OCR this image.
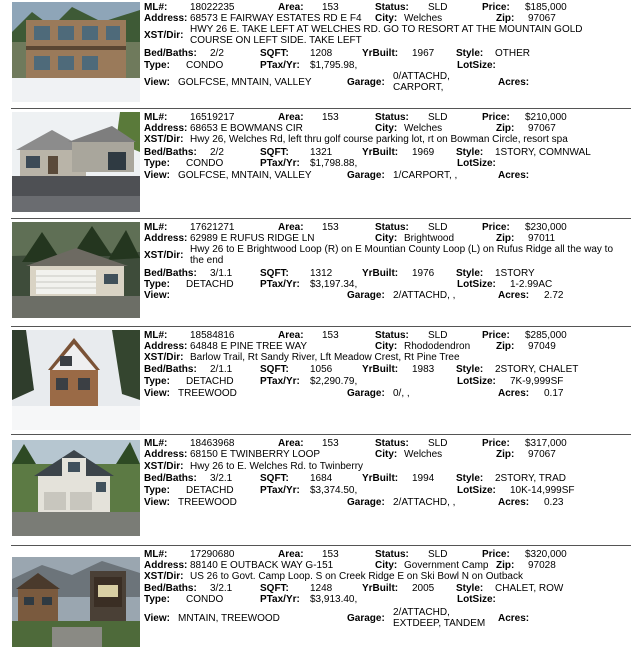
ML#: 18022235	Area: 153	Status: SLD	Price: $185,000
Address: 68573 E FAIRWAY ESTATES RD E F4 City: Welches	Zip: 97067
XST/Dir:
HWY 26 E. TAKE LEFT AT WELCHES RD. GO TO RESORT AT THE MOUNTAIN GOLD COURSE ON LEFT SIDE. TAKE LEFT
Bed/Baths: 2/2	SQFT: 1208	YrBuilt: 1967 Style: OTHER
Type: CONDO	PTax/Yr: $1,795.98,	LotSize:
View: GOLFCSE, MNTAIN, VALLEY	Garage:
0/ATTACHD, CARPORT,	Acres:
ML#: 16519217	Area: 153	Status: SLD	Price: $210,000
Address: 68653 E BOWMANS CIR	City: Welches	Zip: 97067
XST/Dir: Hwy 26, Welches Rd, left thru golf course parking lot, rt on Bowman Circle, resort spa
Bed/Baths: 2/2	SQFT: 1321	YrBuilt: 1969 Style: 1STORY, COMNWAL
Type: CONDO	PTax/Yr: $1,798.88,	LotSize:
View: GOLFCSE, MNTAIN, VALLEY	Garage: 1/CARPORT, ,	Acres:
ML#: 17621271	Area: 153	Status: SLD	Price: $230,000
Address: 62989 E RUFUS RIDGE LN	City: Brightwood	Zip: 97011
XST/Dir:
Hwy 26 to E Brightwood Loop (R) on E Mountian County Loop (L) on Rufus Ridge all the way to the end
Bed/Baths: 3/1.1	SQFT: 1312	YrBuilt: 1976 Style: 1STORY
Type: DETACHD	PTax/Yr: $3,197.34,	LotSize: 1-2.99AC
View:	Garage: 2/ATTACHD, ,	Acres: 2.72
ML#: 18584816	Area: 153	Status: SLD	Price: $285,000
Address: 64848 E PINE TREE WAY	City: Rhododendron	Zip: 97049
XST/Dir: Barlow Trail, Rt Sandy River, Lft Meadow Crest, Rt Pine Tree
Bed/Baths: 2/1.1	SQFT: 1056	YrBuilt: 1983 Style: 2STORY, CHALET
Type: DETACHD	PTax/Yr: $2,290.79,	LotSize: 7K-9,999SF
View: TREEWOOD	Garage: 0/, ,	Acres: 0.17
ML#: 18463968	Area: 153	Status: SLD	Price: $317,000
Address: 68150 E TWINBERRY LOOP	City: Welches	Zip: 97067
XST/Dir: Hwy 26 to E. Welches Rd. to Twinberry
Bed/Baths: 3/2.1	SQFT: 1684	YrBuilt: 1994 Style: 2STORY, TRAD
Type: DETACHD	PTax/Yr: $3,374.50,	LotSize: 10K-14,999SF
View: TREEWOOD	Garage: 2/ATTACHD, ,	Acres: 0.23
ML#: 17290680	Area: 153	Status: SLD	Price: $320,000
Address: 88140 E OUTBACK WAY G-151	City: Government Camp Zip: 97028
XST/Dir: US 26 to Govt. Camp Loop. S on Creek Ridge E on Ski Bowl N on Outback
Bed/Baths: 3/2.1	SQFT: 1248	YrBuilt: 2005 Style: CHALET, ROW
Type: CONDO	PTax/Yr: $3,913.40,	LotSize:
View: MNTAIN, TREEWOOD	Garage:
2/ATTACHD, EXTDEEP, TANDEM	Acres:
